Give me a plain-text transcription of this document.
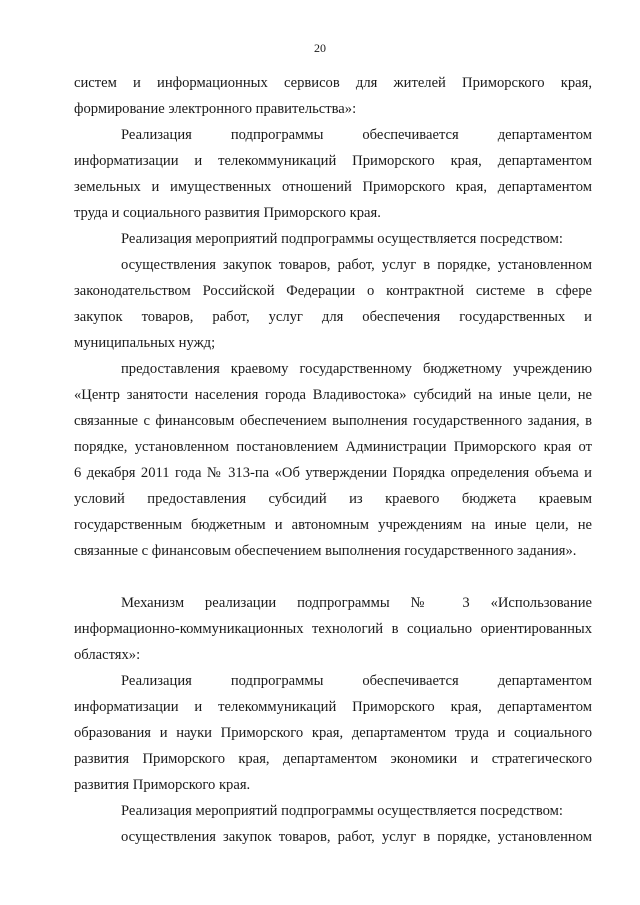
20
систем и информационных сервисов для жителей Приморского края,
формирование электронного правительства»:
Реализация подпрограммы обеспечивается департаментом
информатизации и телекоммуникаций Приморского края, департаментом
земельных и имущественных отношений Приморского края, департаментом
труда и социального развития Приморского края.
Реализация мероприятий подпрограммы осуществляется посредством:
осуществления закупок товаров, работ, услуг в порядке, установленном
законодательством Российской Федерации о контрактной системе в сфере
закупок товаров, работ, услуг для обеспечения государственных и
муниципальных нужд;
предоставления краевому государственному бюджетному учреждению
«Центр занятости населения города Владивостока» субсидий на иные цели, не
связанные с финансовым обеспечением выполнения государственного задания, в
порядке, установленном постановлением Администрации Приморского края от
6 декабря 2011 года № 313-па «Об утверждении Порядка определения объема и
условий предоставления субсидий из краевого бюджета краевым
государственным бюджетным и автономным учреждениям на иные цели, не
связанные с финансовым обеспечением выполнения государственного задания».
Механизм реализации подпрограммы № 3 «Использование
информационно-коммуникационных технологий в социально ориентированных
областях»:
Реализация подпрограммы обеспечивается департаментом
информатизации и телекоммуникаций Приморского края, департаментом
образования и науки Приморского края, департаментом труда и социального
развития Приморского края, департаментом экономики и стратегического
развития Приморского края.
Реализация мероприятий подпрограммы осуществляется посредством:
осуществления закупок товаров, работ, услуг в порядке, установленном
